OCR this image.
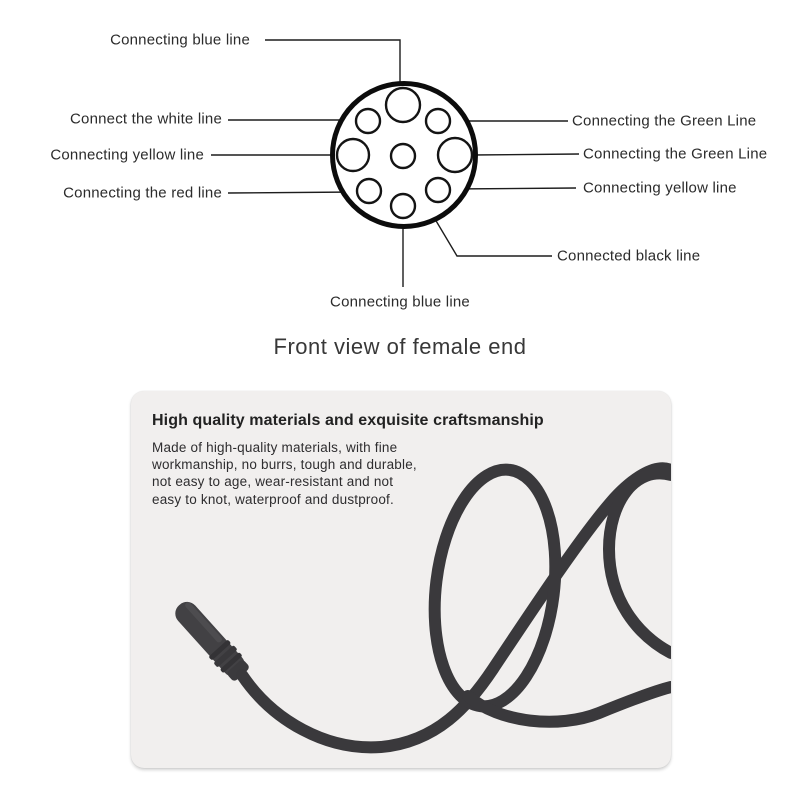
Connecting blue line
Connect the white line
Connecting yellow line
Connecting the red line
Connecting the Green Line
Connecting the Green Line
Connecting yellow line
Connected black line
Connecting blue line
Front view of female end
High quality materials and exquisite craftsmanship
Made of high-quality materials, with fine
workmanship, no burrs, tough and durable,
not easy to age, wear-resistant and not
easy to knot, waterproof and dustproof.
